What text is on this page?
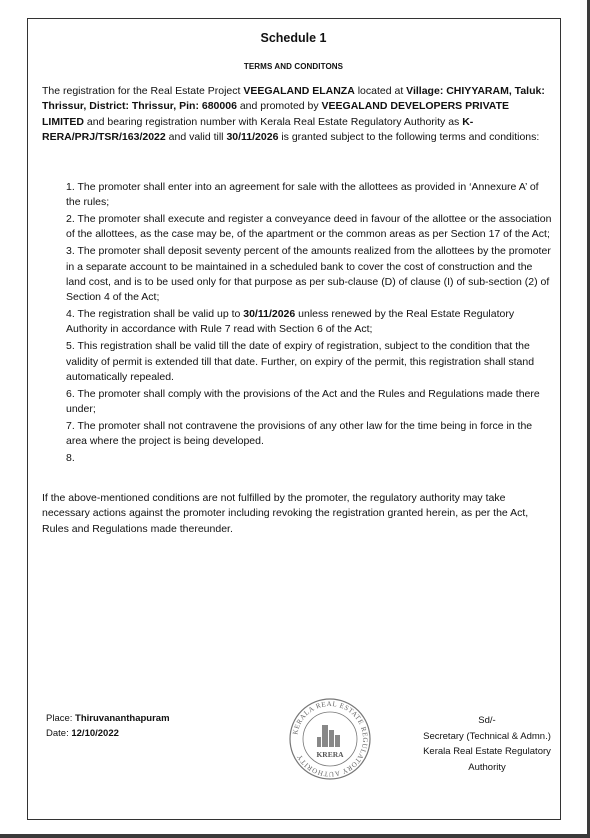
Schedule 1
TERMS AND CONDITONS
The registration for the Real Estate Project VEEGALAND ELANZA located at Village: CHIYYARAM, Taluk: Thrissur, District: Thrissur, Pin: 680006 and promoted by VEEGALAND DEVELOPERS PRIVATE LIMITED and bearing registration number with Kerala Real Estate Regulatory Authority as K-RERA/PRJ/TSR/163/2022 and valid till 30/11/2026 is granted subject to the following terms and conditions:
1. The promoter shall enter into an agreement for sale with the allottees as provided in ‘Annexure A’ of the rules;
2. The promoter shall execute and register a conveyance deed in favour of the allottee or the association of the allottees, as the case may be, of the apartment or the common areas as per Section 17 of the Act;
3. The promoter shall deposit seventy percent of the amounts realized from the allottees by the promoter in a separate account to be maintained in a scheduled bank to cover the cost of construction and the land cost, and is to be used only for that purpose as per sub-clause (D) of clause (I) of sub-section (2) of Section 4 of the Act;
4. The registration shall be valid up to 30/11/2026 unless renewed by the Real Estate Regulatory Authority in accordance with Rule 7 read with Section 6 of the Act;
5. This registration shall be valid till the date of expiry of registration, subject to the condition that the validity of permit is extended till that date. Further, on expiry of the permit, this registration shall stand automatically repealed.
6. The promoter shall comply with the provisions of the Act and the Rules and Regulations made there under;
7. The promoter shall not contravene the provisions of any other law for the time being in force in the area where the project is being developed.
8.
If the above-mentioned conditions are not fulfilled by the promoter, the regulatory authority may take necessary actions against the promoter including revoking the registration granted herein, as per the Act, Rules and Regulations made thereunder.
Place: Thiruvananthapuram
Date: 12/10/2022	KERALA REAL ESTATE REGULATORY AUTHORITY	KRERA
Sd/-
Secretary (Technical & Admn.)
Kerala Real Estate Regulatory
Authority
